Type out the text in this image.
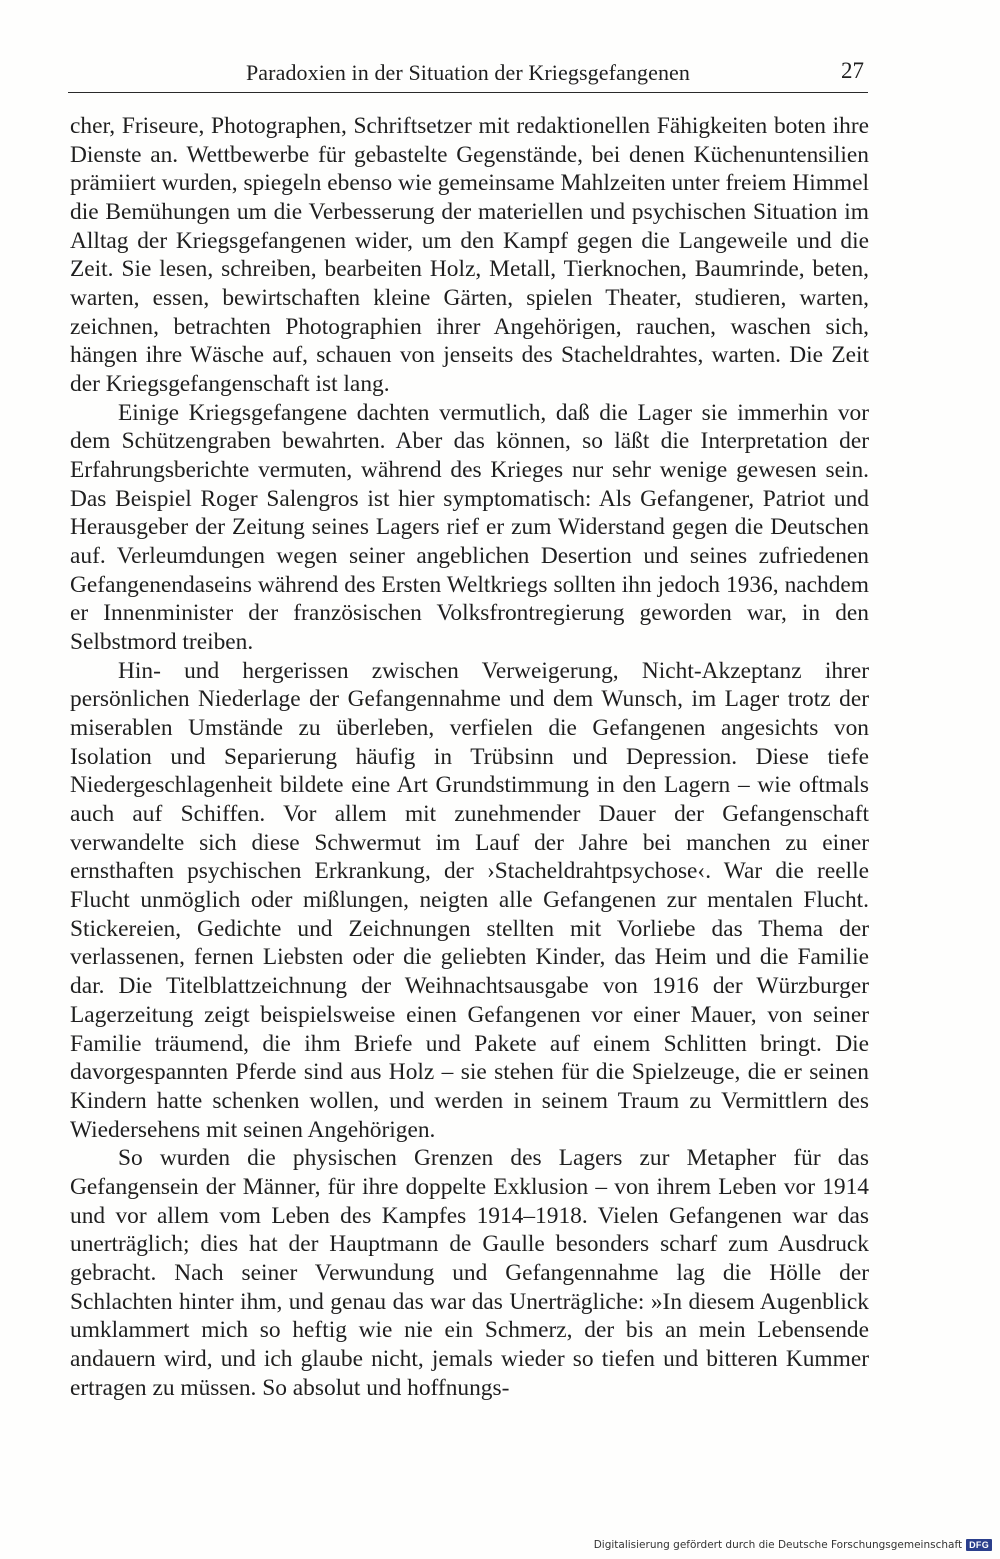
Paradoxien in der Situation der Kriegsgefangenen	27

cher, Friseure, Photographen, Schriftsetzer mit redaktionellen Fähigkeiten boten ihre Dienste an. Wettbewerbe für gebastelte Gegenstände, bei denen Küchenuntensilien prämiiert wurden, spiegeln ebenso wie gemeinsame Mahlzeiten unter freiem Himmel die Bemühungen um die Verbesserung der materiellen und psychischen Situation im Alltag der Kriegsgefangenen wider, um den Kampf gegen die Langeweile und die Zeit. Sie lesen, schreiben, bearbeiten Holz, Metall, Tierknochen, Baumrinde, beten, warten, essen, bewirtschaften kleine Gärten, spielen Theater, studieren, warten, zeichnen, betrachten Photographien ihrer Angehörigen, rauchen, waschen sich, hängen ihre Wäsche auf, schauen von jenseits des Stacheldrahtes, warten. Die Zeit der Kriegsgefangenschaft ist lang.

Einige Kriegsgefangene dachten vermutlich, daß die Lager sie immerhin vor dem Schützengraben bewahrten. Aber das können, so läßt die Interpretation der Erfahrungsberichte vermuten, während des Krieges nur sehr wenige gewesen sein. Das Beispiel Roger Salengros ist hier symptomatisch: Als Gefangener, Patriot und Herausgeber der Zeitung seines Lagers rief er zum Widerstand gegen die Deutschen auf. Verleumdungen wegen seiner angeblichen Desertion und seines zufriedenen Gefangenendaseins während des Ersten Weltkriegs sollten ihn jedoch 1936, nachdem er Innenminister der französischen Volksfrontregierung geworden war, in den Selbstmord treiben.

Hin- und hergerissen zwischen Verweigerung, Nicht-Akzeptanz ihrer persönlichen Niederlage der Gefangennahme und dem Wunsch, im Lager trotz der miserablen Umstände zu überleben, verfielen die Gefangenen angesichts von Isolation und Separierung häufig in Trübsinn und Depression. Diese tiefe Niedergeschlagenheit bildete eine Art Grundstimmung in den Lagern – wie oftmals auch auf Schiffen. Vor allem mit zunehmender Dauer der Gefangenschaft verwandelte sich diese Schwermut im Lauf der Jahre bei manchen zu einer ernsthaften psychischen Erkrankung, der ›Stacheldrahtpsychose‹. War die reelle Flucht unmöglich oder mißlungen, neigten alle Gefangenen zur mentalen Flucht. Stickereien, Gedichte und Zeichnungen stellten mit Vorliebe das Thema der verlassenen, fernen Liebsten oder die geliebten Kinder, das Heim und die Familie dar. Die Titelblattzeichnung der Weihnachtsausgabe von 1916 der Würzburger Lagerzeitung zeigt beispielsweise einen Gefangenen vor einer Mauer, von seiner Familie träumend, die ihm Briefe und Pakete auf einem Schlitten bringt. Die davorgespannten Pferde sind aus Holz – sie stehen für die Spielzeuge, die er seinen Kindern hatte schenken wollen, und werden in seinem Traum zu Vermittlern des Wiedersehens mit seinen Angehörigen.

So wurden die physischen Grenzen des Lagers zur Metapher für das Gefangensein der Männer, für ihre doppelte Exklusion – von ihrem Leben vor 1914 und vor allem vom Leben des Kampfes 1914–1918. Vielen Gefangenen war das unerträglich; dies hat der Hauptmann de Gaulle besonders scharf zum Ausdruck gebracht. Nach seiner Verwundung und Gefangennahme lag die Hölle der Schlachten hinter ihm, und genau das war das Unerträgliche: »In diesem Augenblick umklammert mich so heftig wie nie ein Schmerz, der bis an mein Lebensende andauern wird, und ich glaube nicht, jemals wieder so tiefen und bitteren Kummer ertragen zu müssen. So absolut und hoffnungs-

Digitalisierung gefördert durch die Deutsche Forschungsgemeinschaft DFG
